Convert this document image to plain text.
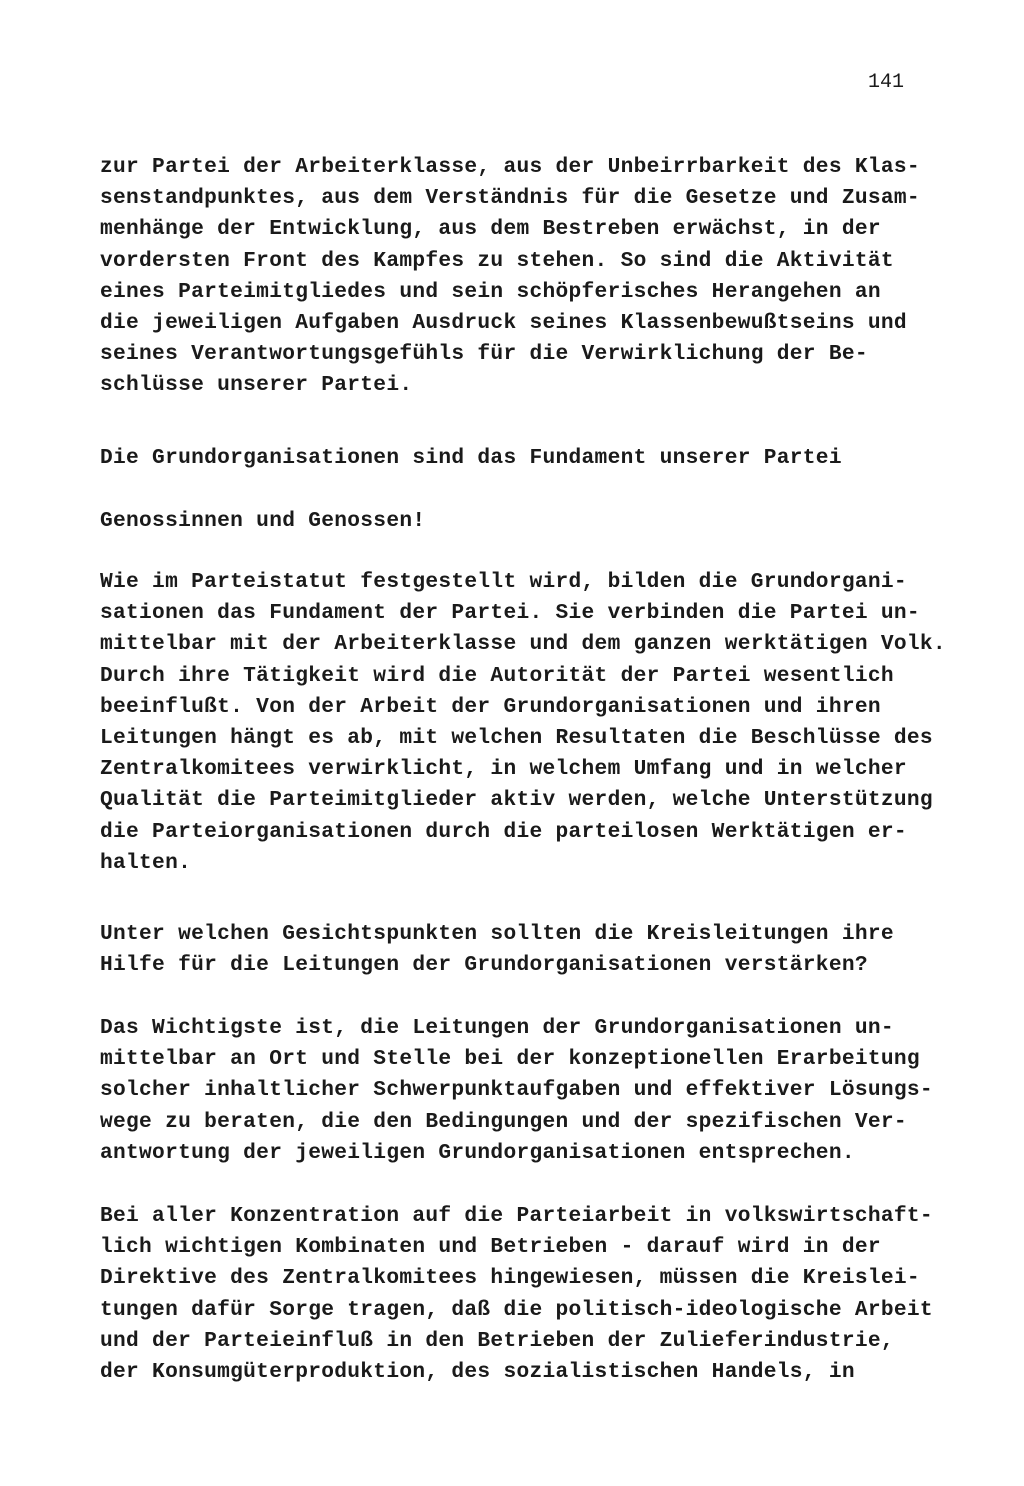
141
zur Partei der Arbeiterklasse, aus der Unbeirrbarkeit des Klas-
senstandpunktes, aus dem Verständnis für die Gesetze und Zusam-
menhänge der Entwicklung, aus dem Bestreben erwächst, in der
vordersten Front des Kampfes zu stehen. So sind die Aktivität
eines Parteimitgliedes und sein schöpferisches Herangehen an
die jeweiligen Aufgaben Ausdruck seines Klassenbewußtseins und
seines Verantwortungsgefühls für die Verwirklichung der Be-
schlüsse unserer Partei.
Die Grundorganisationen sind das Fundament unserer Partei
Genossinnen und Genossen!
Wie im Parteistatut festgestellt wird, bilden die Grundorgani-
sationen das Fundament der Partei. Sie verbinden die Partei un-
mittelbar mit der Arbeiterklasse und dem ganzen werktätigen Volk.
Durch ihre Tätigkeit wird die Autorität der Partei wesentlich
beeinflußt. Von der Arbeit der Grundorganisationen und ihren
Leitungen hängt es ab, mit welchen Resultaten die Beschlüsse des
Zentralkomitees verwirklicht, in welchem Umfang und in welcher
Qualität die Parteimitglieder aktiv werden, welche Unterstützung
die Parteiorganisationen durch die parteilosen Werktätigen er-
halten.
Unter welchen Gesichtspunkten sollten die Kreisleitungen ihre
Hilfe für die Leitungen der Grundorganisationen verstärken?
Das Wichtigste ist, die Leitungen der Grundorganisationen un-
mittelbar an Ort und Stelle bei der konzeptionellen Erarbeitung
solcher inhaltlicher Schwerpunktaufgaben und effektiver Lösungs-
wege zu beraten, die den Bedingungen und der spezifischen Ver-
antwortung der jeweiligen Grundorganisationen entsprechen.
Bei aller Konzentration auf die Parteiarbeit in volkswirtschaft-
lich wichtigen Kombinaten und Betrieben - darauf wird in der
Direktive des Zentralkomitees hingewiesen, müssen die Kreislei-
tungen dafür Sorge tragen, daß die politisch-ideologische Arbeit
und der Parteieinfluß in den Betrieben der Zulieferindustrie,
der Konsumgüterproduktion, des sozialistischen Handels, in
